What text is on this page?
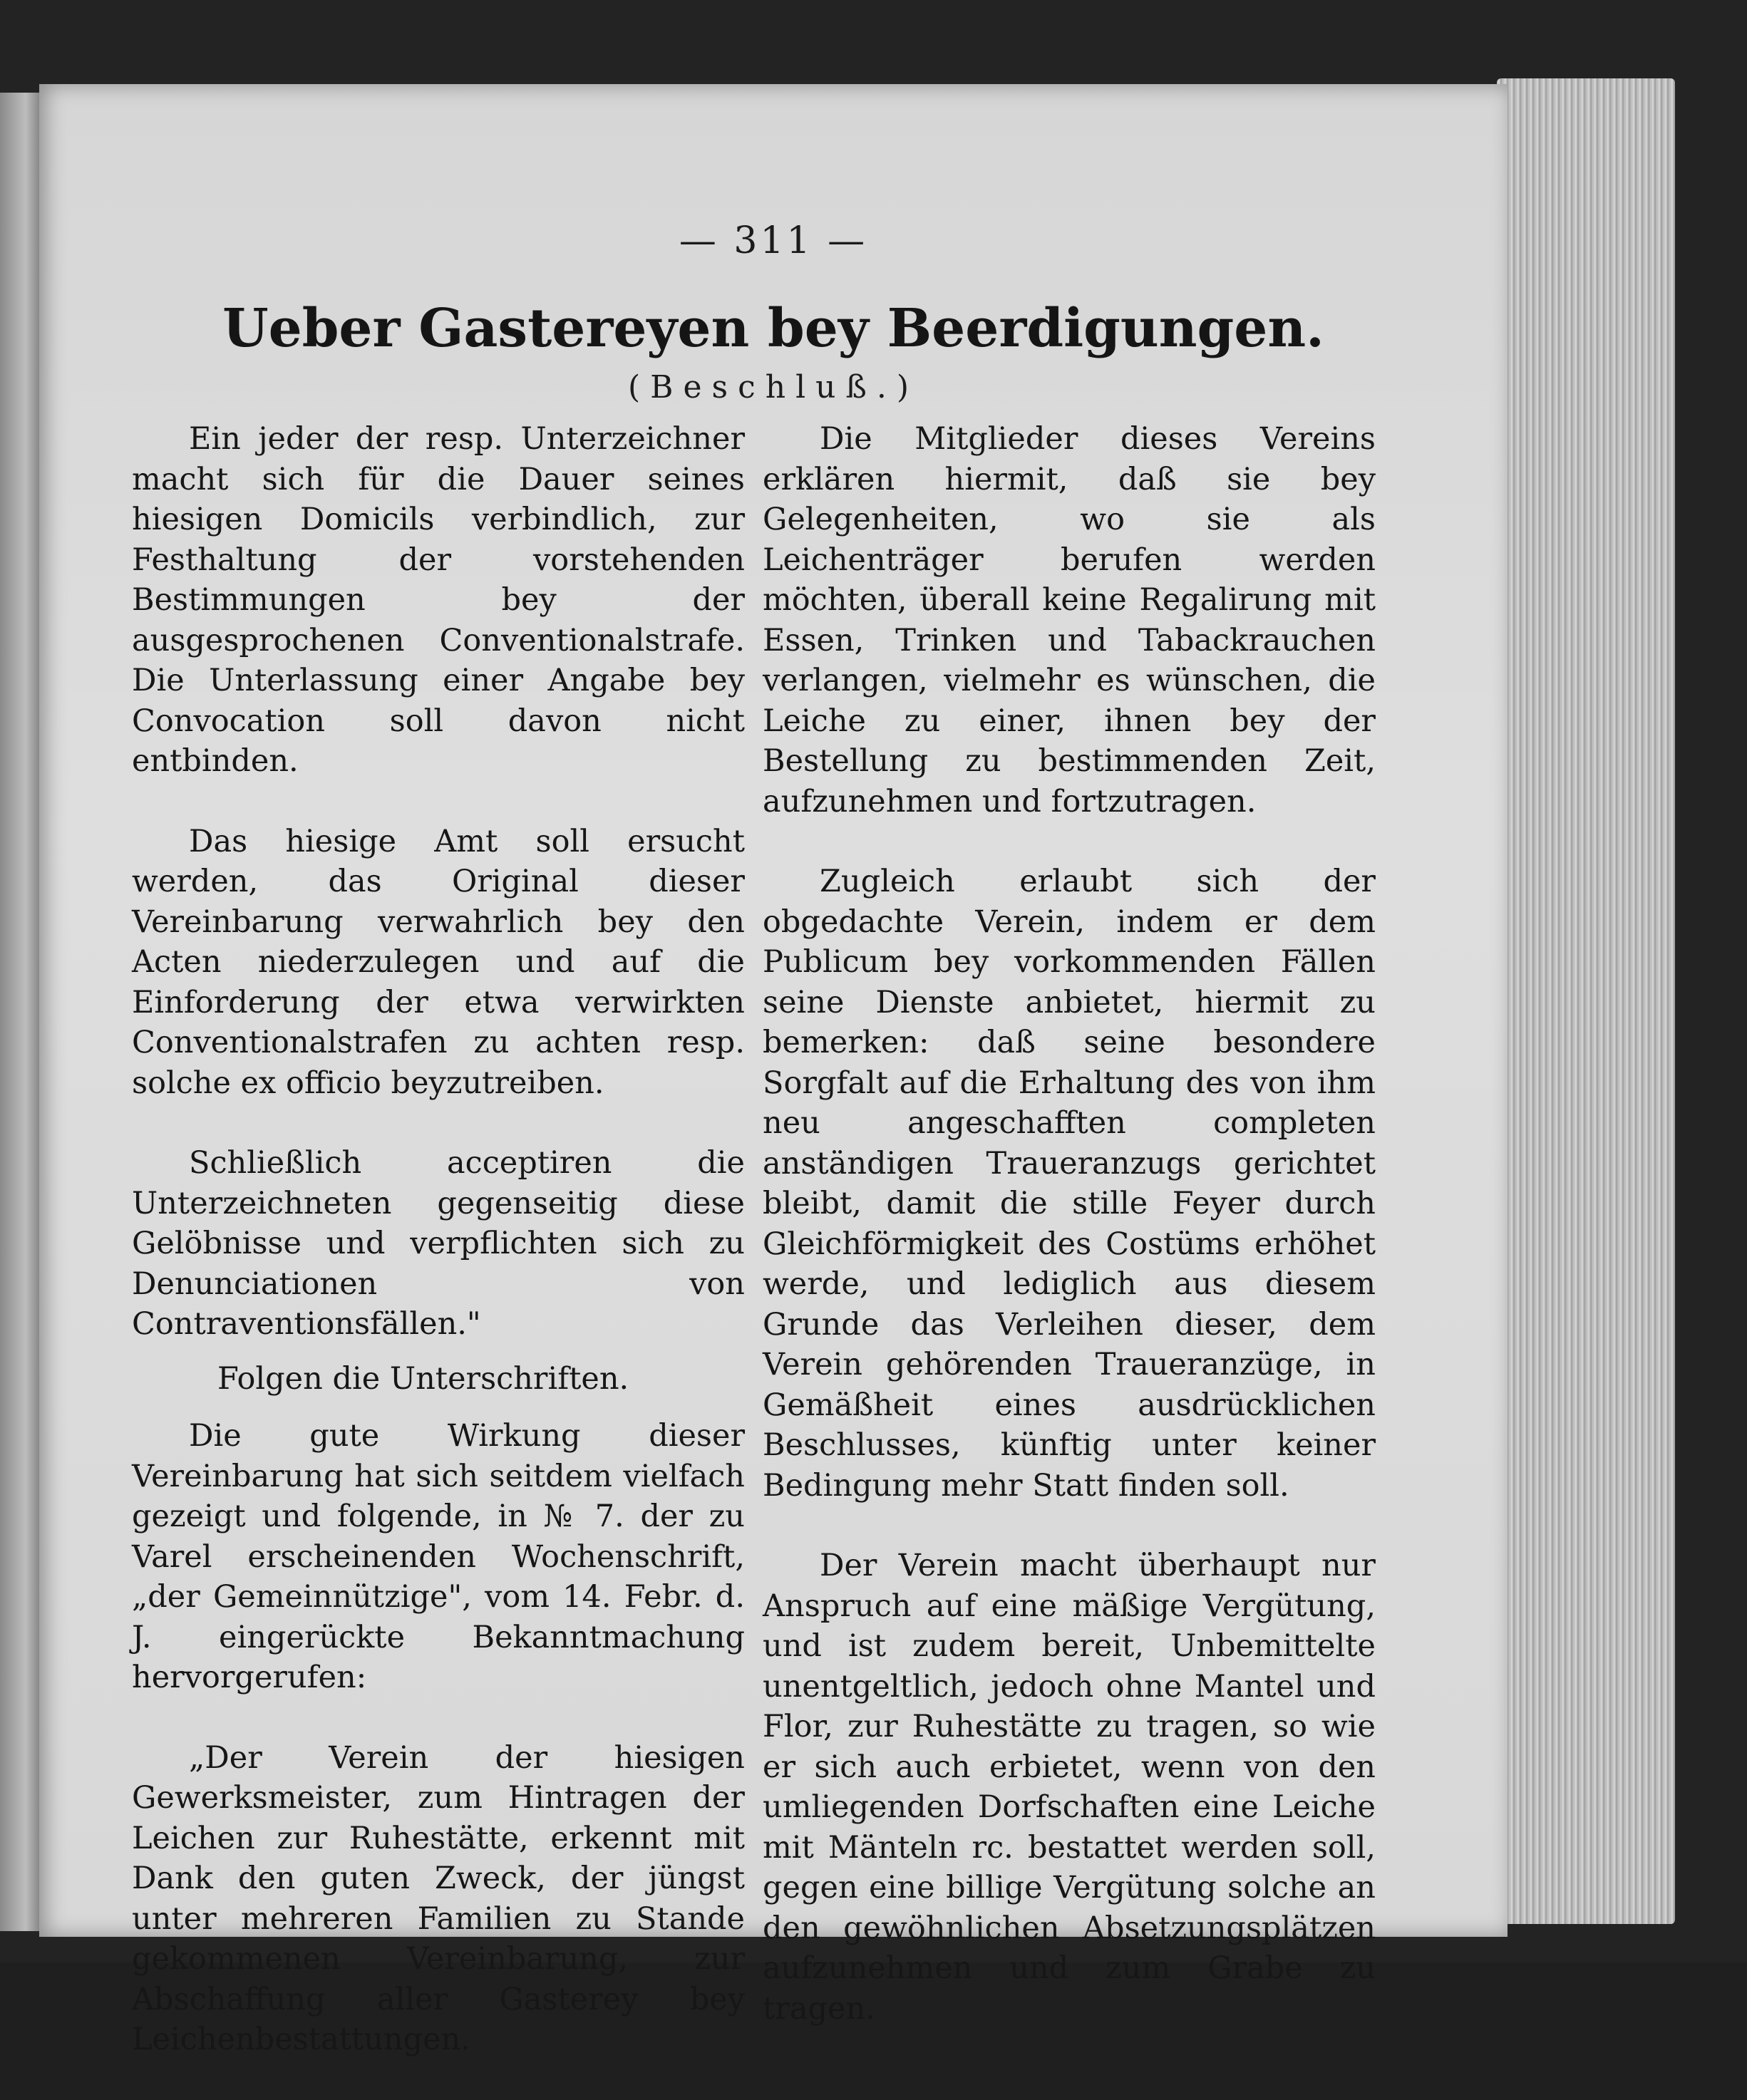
— 311 —
Ueber Gastereyen bey Beerdigungen.
(Beschluß.)

Ein jeder der resp. Unterzeichner macht sich für die Dauer seines hiesigen Domicils verbindlich, zur Festhaltung der vorstehenden Bestimmungen bey der ausgesprochenen Conventionalstrafe. Die Unterlassung einer Angabe bey Convocation soll davon nicht entbinden.

Das hiesige Amt soll ersucht werden, das Original dieser Vereinbarung verwahrlich bey den Acten niederzulegen und auf die Einforderung der etwa verwirkten Conventionalstrafen zu achten resp. solche ex officio beyzutreiben.

Schließlich acceptiren die Unterzeichneten gegenseitig diese Gelöbnisse und verpflichten sich zu Denunciationen von Contraventionsfällen."

Folgen die Unterschriften.

Die gute Wirkung dieser Vereinbarung hat sich seitdem vielfach gezeigt und folgende, in № 7. der zu Varel erscheinenden Wochenschrift, „der Gemeinnützige", vom 14. Febr. d. J. eingerückte Bekanntmachung hervorgerufen:

„Der Verein der hiesigen Gewerksmeister, zum Hintragen der Leichen zur Ruhestätte, erkennt mit Dank den guten Zweck, der jüngst unter mehreren Familien zu Stande gekommenen Vereinbarung, zur Abschaffung aller Gasterey bey Leichenbestattungen.

Die Mitglieder dieses Vereins erklären hiermit, daß sie bey Gelegenheiten, wo sie als Leichenträger berufen werden möchten, überall keine Regalirung mit Essen, Trinken und Tabackrauchen verlangen, vielmehr es wünschen, die Leiche zu einer, ihnen bey der Bestellung zu bestimmenden Zeit, aufzunehmen und fortzutragen.

Zugleich erlaubt sich der obgedachte Verein, indem er dem Publicum bey vorkommenden Fällen seine Dienste anbietet, hiermit zu bemerken: daß seine besondere Sorgfalt auf die Erhaltung des von ihm neu angeschafften completen anständigen Traueranzugs gerichtet bleibt, damit die stille Feyer durch Gleichförmigkeit des Costüms erhöhet werde, und lediglich aus diesem Grunde das Verleihen dieser, dem Verein gehörenden Traueranzüge, in Gemäßheit eines ausdrücklichen Beschlusses, künftig unter keiner Bedingung mehr Statt finden soll.

Der Verein macht überhaupt nur Anspruch auf eine mäßige Vergütung, und ist zudem bereit, Unbemittelte unentgeltlich, jedoch ohne Mantel und Flor, zur Ruhestätte zu tragen, so wie er sich auch erbietet, wenn von den umliegenden Dorfschaften eine Leiche mit Mänteln rc. bestattet werden soll, gegen eine billige Vergütung solche an den gewöhnlichen Absetzungsplätzen aufzunehmen und zum Grabe zu tragen.
